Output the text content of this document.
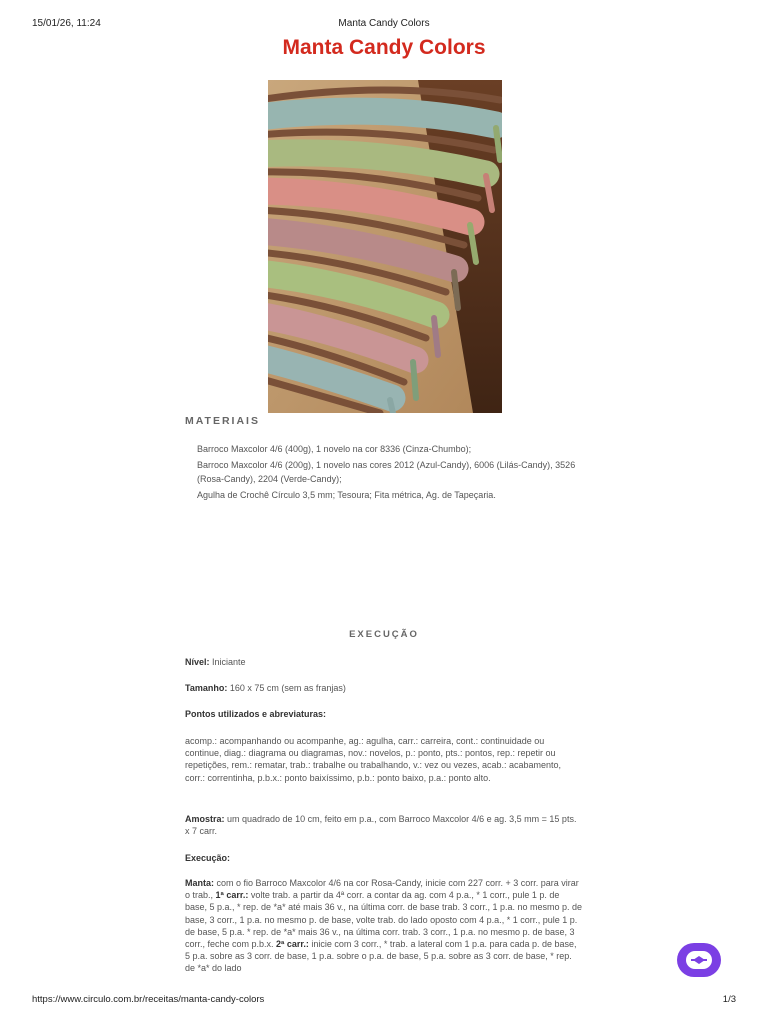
15/01/26, 11:24	Manta Candy Colors
Manta Candy Colors
MATERIAIS
Barroco Maxcolor 4/6 (400g), 1 novelo na cor 8336 (Cinza-Chumbo);
Barroco Maxcolor 4/6 (200g), 1 novelo nas cores 2012 (Azul-Candy), 6006 (Lilás-Candy), 3526 (Rosa-Candy), 2204 (Verde-Candy);
Agulha de Crochê Círculo 3,5 mm; Tesoura; Fita métrica, Ag. de Tapeçaria.
EXECUÇÃO

Nível: Iniciante

Tamanho: 160 x 75 cm (sem as franjas)

Pontos utilizados e abreviaturas:

acomp.: acompanhando ou acompanhe, ag.: agulha, carr.: carreira, cont.: continuidade ou continue, diag.: diagrama ou diagramas, nov.: novelos, p.: ponto, pts.: pontos, rep.: repetir ou repetições, rem.: rematar, trab.: trabalhe ou trabalhando, v.: vez ou vezes, acab.: acabamento, corr.: correntinha, p.b.x.: ponto baixíssimo, p.b.: ponto baixo, p.a.: ponto alto.

Amostra: um quadrado de 10 cm, feito em p.a., com Barroco Maxcolor 4/6 e ag. 3,5 mm = 15 pts. x 7 carr.

Execução:

Manta: com o fio Barroco Maxcolor 4/6 na cor Rosa-Candy, inicie com 227 corr. + 3 corr. para virar o trab., 1ª carr.: volte trab. a partir da 4ª corr. a contar da ag. com 4 p.a., * 1 corr., pule 1 p. de base, 5 p.a., * rep. de *a* até mais 36 v., na última corr. de base trab. 3 corr., 1 p.a. no mesmo p. de base, 3 corr., 1 p.a. no mesmo p. de base, volte trab. do lado oposto com 4 p.a., * 1 corr., pule 1 p. de base, 5 p.a. * rep. de *a* mais 36 v., na última corr. trab. 3 corr., 1 p.a. no mesmo p. de base, 3 corr., feche com p.b.x. 2ª carr.: inicie com 3 corr., * trab. a lateral com 1 p.a. para cada p. de base, 5 p.a. sobre as 3 corr. de base, 1 p.a. sobre o p.a. de base, 5 p.a. sobre as 3 corr. de base, * rep. de *a* do lado

https://www.circulo.com.br/receitas/manta-candy-colors	1/3
